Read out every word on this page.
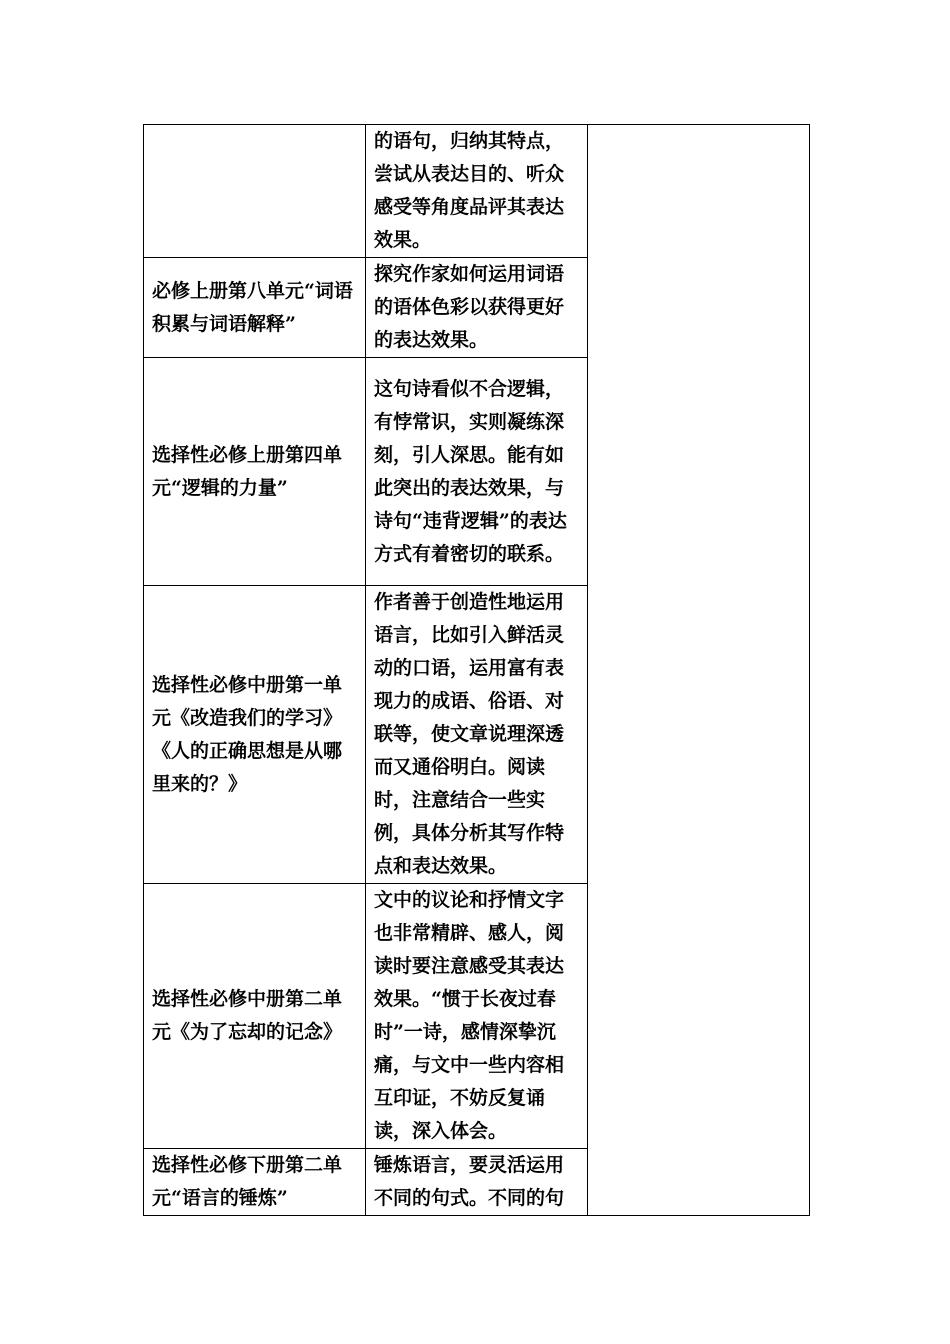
	的语句，归纳其特点，尝试从表达目的、听众感受等角度品评其表达效果。	

必修上册第八单元“词语积累与词语解释”	探究作家如何运用词语的语体色彩以获得更好的表达效果。	

选择性必修上册第四单元“逻辑的力量”	这句诗看似不合逻辑，有悖常识，实则凝练深刻，引人深思。能有如此突出的表达效果，与诗句“违背逻辑”的表达方式有着密切的联系。	

选择性必修中册第一单元《改造我们的学习》《人的正确思想是从哪里来的？》	作者善于创造性地运用语言，比如引入鲜活灵动的口语，运用富有表现力的成语、俗语、对联等，使文章说理深透而又通俗明白。阅读时，注意结合一些实例，具体分析其写作特点和表达效果。	

选择性必修中册第二单元《为了忘却的记念》	文中的议论和抒情文字也非常精辟、感人，阅读时要注意感受其表达效果。“惯于长夜过春时”一诗，感情深挚沉痛，与文中一些内容相互印证，不妨反复诵读，深入体会。	

选择性必修下册第二单元“语言的锤炼”	锤炼语言，要灵活运用不同的句式。不同的句	
